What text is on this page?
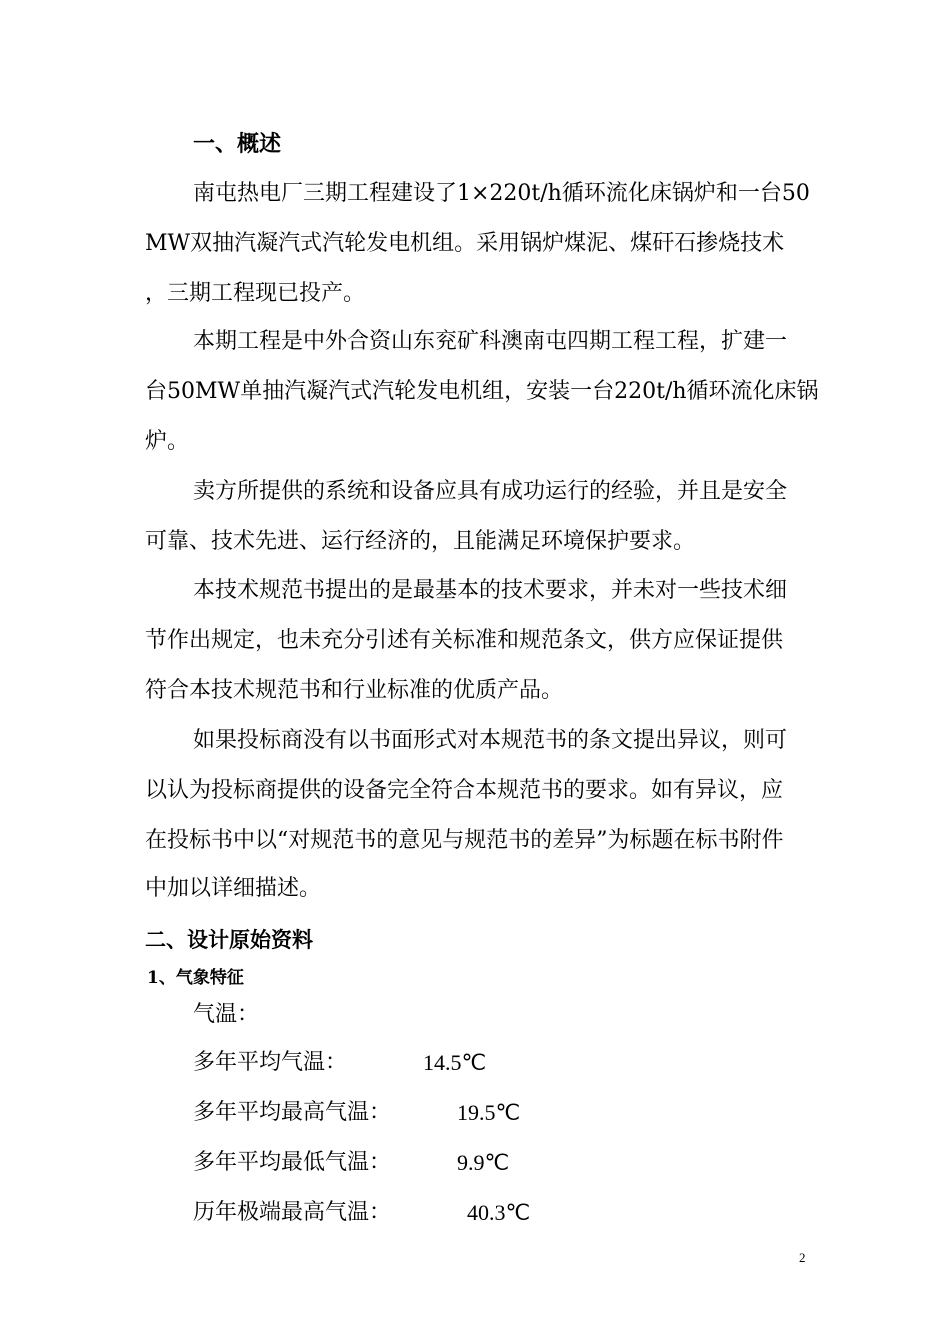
一、概述
南屯热电厂三期工程建设了1×220t/h循环流化床锅炉和一台50
MW双抽汽凝汽式汽轮发电机组。采用锅炉煤泥、煤矸石掺烧技术
，三期工程现已投产。
本期工程是中外合资山东兖矿科澳南屯四期工程工程，扩建一
台50MW单抽汽凝汽式汽轮发电机组，安装一台220t/h循环流化床锅
炉。
卖方所提供的系统和设备应具有成功运行的经验，并且是安全
可靠、技术先进、运行经济的，且能满足环境保护要求。
本技术规范书提出的是最基本的技术要求，并未对一些技术细
节作出规定，也未充分引述有关标准和规范条文，供方应保证提供
符合本技术规范书和行业标准的优质产品。
如果投标商没有以书面形式对本规范书的条文提出异议，则可
以认为投标商提供的设备完全符合本规范书的要求。如有异议，应
在投标书中以“对规范书的意见与规范书的差异”为标题在标书附件
中加以详细描述。
二、设计原始资料
1、气象特征
气温：
多年平均气温：	14.5℃
多年平均最高气温：	19.5℃
多年平均最低气温：	9.9℃
历年极端最高气温：	40.3℃
2
